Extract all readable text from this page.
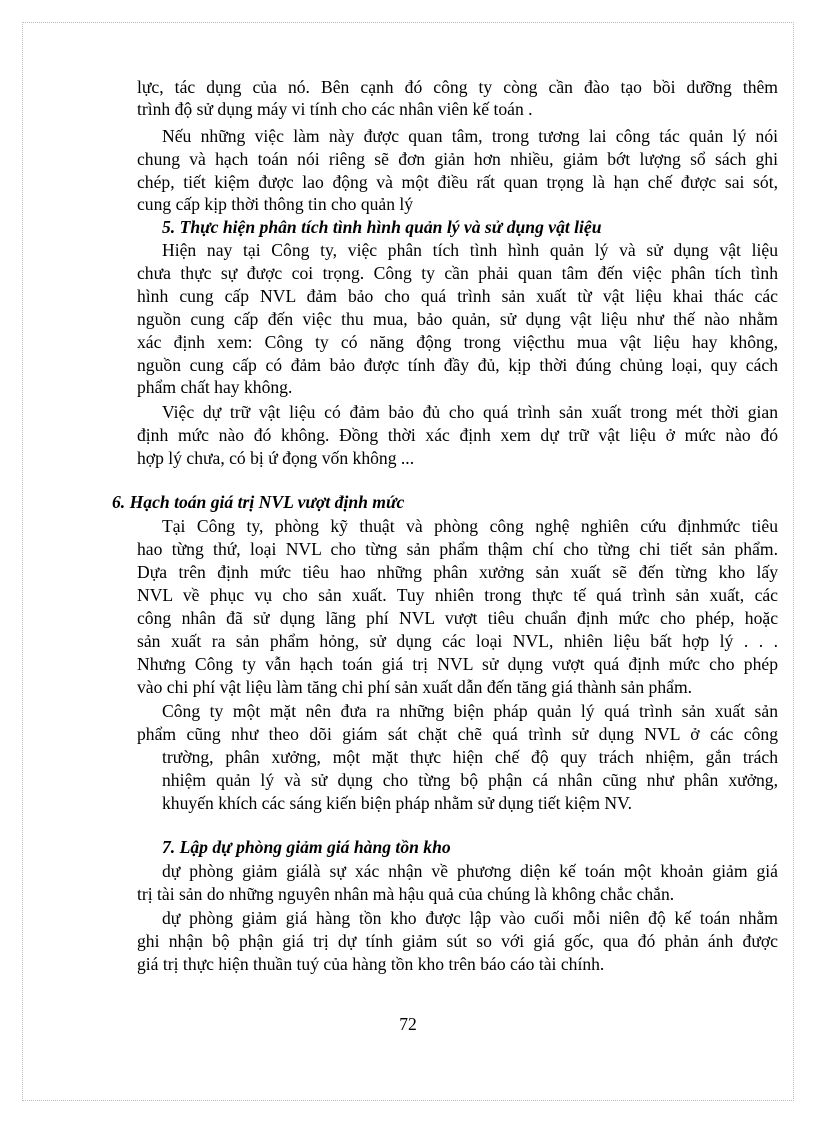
lực, tác dụng của nó. Bên cạnh đó công ty còng cần đào tạo bồi dưỡng thêm
trình độ sử dụng máy vi tính cho các nhân viên kế toán .
Nếu những việc làm này được quan tâm, trong tương lai công tác quản lý nói
chung và hạch toán nói riêng sẽ đơn giản hơn nhiều, giảm bớt lượng sổ sách ghi
chép, tiết kiệm được lao động và một điều rất quan trọng là hạn chế được sai sót,
cung cấp kịp thời thông tin cho quản lý
5. Thực hiện phân tích tình hình quản lý và sử dụng vật liệu
Hiện nay tại Công ty, việc phân tích tình hình quản lý và sử dụng vật liệu
chưa thực sự được coi trọng. Công ty cần phải quan tâm đến việc phân tích tình
hình cung cấp NVL đảm bảo cho quá trình sản xuất từ vật liệu khai thác các
nguồn cung cấp đến việc thu mua, bảo quản, sử dụng vật liệu như thế nào nhằm
xác định xem: Công ty có năng động trong việcthu mua vật liệu hay không,
nguồn cung cấp có đảm bảo được tính đầy đủ, kịp thời đúng chủng loại, quy cách
phẩm chất hay không.
Việc dự trữ vật liệu có đảm bảo đủ cho quá trình sản xuất trong mét thời gian
định mức nào đó không. Đồng thời xác định xem dự trữ vật liệu ở mức nào đó
hợp lý chưa, có bị ứ đọng vốn không ...
6. Hạch toán giá trị NVL vượt định mức
Tại Công ty, phòng kỹ thuật và phòng công nghệ nghiên cứu địnhmức tiêu
hao từng thứ, loại NVL cho từng sản phẩm thậm chí cho từng chi tiết sản phẩm.
Dựa trên định mức tiêu hao những phân xưởng sản xuất sẽ đến từng kho lấy
NVL về phục vụ cho sản xuất. Tuy nhiên trong thực tế quá trình sản xuất, các
công nhân đã sử dụng lãng phí NVL vượt tiêu chuẩn định mức cho phép, hoặc
sản xuất ra sản phẩm hỏng, sử dụng các loại NVL, nhiên liệu bất hợp lý . . .
Nhưng Công ty vẫn hạch toán giá trị NVL sử dụng vượt quá định mức cho phép
vào chi phí vật liệu làm tăng chi phí sản xuất dẫn đến tăng giá thành sản phẩm.
Công ty một mặt nên đưa ra những biện pháp quản lý quá trình sản xuất sản
phẩm cũng như theo dõi giám sát chặt chẽ quá trình sử dụng NVL ở các công
trường, phân xưởng, một mặt thực hiện chế độ quy trách nhiệm, gắn trách
nhiệm quản lý và sử dụng cho từng bộ phận cá nhân cũng như phân xưởng,
khuyến khích các sáng kiến biện pháp nhằm sử dụng tiết kiệm NV.
7. Lập dự phòng giảm giá hàng tồn kho
dự phòng giảm giálà sự xác nhận về phương diện kế toán một khoản giảm giá
trị tài sản do những nguyên nhân mà hậu quả của chúng là không chắc chắn.
dự phòng giảm giá hàng tồn kho được lập vào cuối mỗi niên độ kế toán nhằm
ghi nhận bộ phận giá trị dự tính giảm sút so với giá gốc, qua đó phản ánh được
giá trị thực hiện thuần tuý của hàng tồn kho trên báo cáo tài chính.
72
